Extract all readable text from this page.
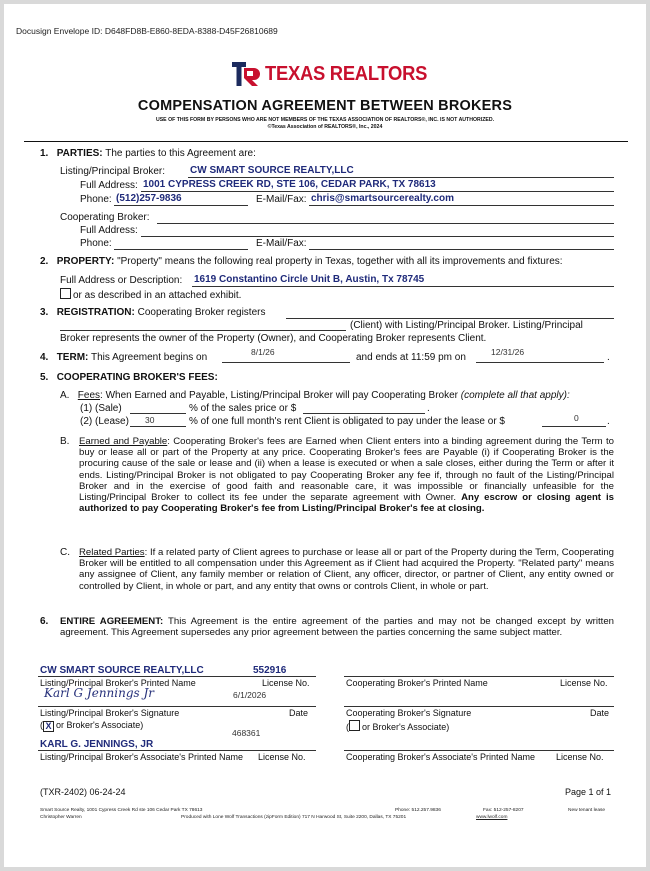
Docusign Envelope ID: D648FD8B-E860-8EDA-8388-D45F26810689
TEXAS REALTORS
COMPENSATION AGREEMENT BETWEEN BROKERS
USE OF THIS FORM BY PERSONS WHO ARE NOT MEMBERS OF THE TEXAS ASSOCIATION OF REALTORS®, INC. IS NOT AUTHORIZED.
©Texas Association of REALTORS®, Inc., 2024
1. PARTIES: The parties to this Agreement are:
Listing/Principal Broker: CW SMART SOURCE REALTY,LLC
Full Address: 1001 CYPRESS CREEK RD, STE 106, CEDAR PARK, TX 78613
Phone: (512)257-9836	E-Mail/Fax: chris@smartsourcerealty.com
Cooperating Broker:
Full Address:
Phone:	E-Mail/Fax:
2. PROPERTY: "Property" means the following real property in Texas, together with all its improvements and fixtures:
Full Address or Description: 1619 Constantino Circle Unit B, Austin, Tx 78745
or as described in an attached exhibit.
3. REGISTRATION: Cooperating Broker registers
(Client) with Listing/Principal Broker. Listing/Principal
Broker represents the owner of the Property (Owner), and Cooperating Broker represents Client.
4. TERM: This Agreement begins on	8/1/26	and ends at 11:59 pm on	12/31/26	.
5. COOPERATING BROKER'S FEES:
A. Fees: When Earned and Payable, Listing/Principal Broker will pay Cooperating Broker (complete all that apply):
(1) (Sale)	% of the sales price or $	.
(2) (Lease) 30	% of one full month's rent Client is obligated to pay under the lease or $	0	.
B. Earned and Payable: Cooperating Broker's fees are Earned when Client enters into a binding agreement during the Term to buy or lease all or part of the Property at any price. Cooperating Broker's fees are Payable (i) if Cooperating Broker is the procuring cause of the sale or lease and (ii) when a lease is executed or when a sale closes, either during the Term or after it ends. Listing/Principal Broker is not obligated to pay Cooperating Broker any fee if, through no fault of the Listing/Principal Broker and in the exercise of good faith and reasonable care, it was impossible or financially unfeasible for the Listing/Principal Broker to collect its fee under the separate agreement with Owner. Any escrow or closing agent is authorized to pay Cooperating Broker's fee from Listing/Principal Broker's fee at closing.
C. Related Parties: If a related party of Client agrees to purchase or lease all or part of the Property during the Term, Cooperating Broker will be entitled to all compensation under this Agreement as if Client had acquired the Property. "Related party" means any assignee of Client, any family member or relation of Client, any officer, director, or partner of Client, any entity owned or controlled by Client, in whole or part, and any entity that owns or controls Client, in whole or part.
6. ENTIRE AGREEMENT: This Agreement is the entire agreement of the parties and may not be changed except by written agreement. This Agreement supersedes any prior agreement between the parties concerning the same subject matter.
CW SMART SOURCE REALTY,LLC	552916
Listing/Principal Broker's Printed Name	License No.	Cooperating Broker's Printed Name	License No.
Karl G Jennings Jr	6/1/2026
Listing/Principal Broker's Signature	Date	Cooperating Broker's Signature	Date
( X or Broker's Associate)	( or Broker's Associate)
468361
KARL G. JENNINGS, JR
Listing/Principal Broker's Associate's Printed Name License No.	Cooperating Broker's Associate's Printed Name License No.
(TXR-2402) 06-24-24	Page 1 of 1
Smart Source Realty, 1001 Cypress Creek Rd ste 106 Cedar Park TX 78613	Phone: 512.257.9836	Fax: 512-257-8207	New tenant lease
Christopher Warren	Produced with Lone Wolf Transactions (zipForm Edition) 717 N Harwood St, Suite 2200, Dallas, TX 75201	www.lwolf.com
